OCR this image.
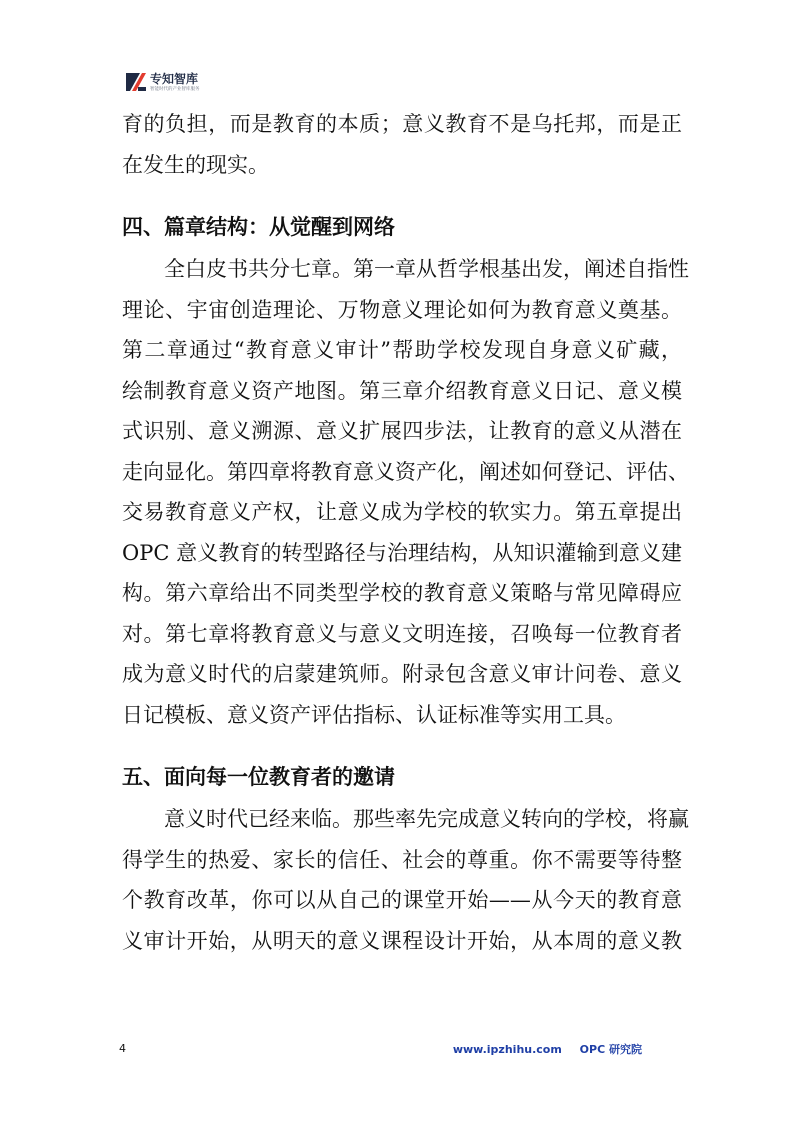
专知智库
智能时代的产业智库服务

育的负担，而是教育的本质；意义教育不是乌托邦，而是正
在发生的现实。

四、篇章结构：从觉醒到网络

　　全白皮书共分七章。第一章从哲学根基出发，阐述自指性
理论、宇宙创造理论、万物意义理论如何为教育意义奠基。
第二章通过“教育意义审计”帮助学校发现自身意义矿藏，
绘制教育意义资产地图。第三章介绍教育意义日记、意义模
式识别、意义溯源、意义扩展四步法，让教育的意义从潜在
走向显化。第四章将教育意义资产化，阐述如何登记、评估、
交易教育意义产权，让意义成为学校的软实力。第五章提出
OPC 意义教育的转型路径与治理结构，从知识灌输到意义建
构。第六章给出不同类型学校的教育意义策略与常见障碍应
对。第七章将教育意义与意义文明连接，召唤每一位教育者
成为意义时代的启蒙建筑师。附录包含意义审计问卷、意义
日记模板、意义资产评估指标、认证标准等实用工具。

五、面向每一位教育者的邀请

　　意义时代已经来临。那些率先完成意义转向的学校，将赢
得学生的热爱、家长的信任、社会的尊重。你不需要等待整
个教育改革，你可以从自己的课堂开始——从今天的教育意
义审计开始，从明天的意义课程设计开始，从本周的意义教

4	www.ipzhihu.com OPC 研究院
